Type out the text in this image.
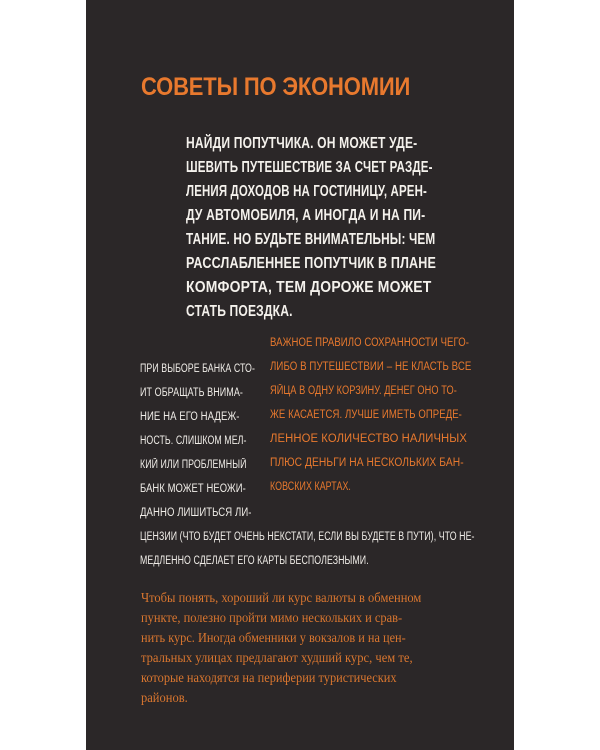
СОВЕТЫ ПО ЭКОНОМИИ
НАЙДИ ПОПУТЧИКА. ОН МОЖЕТ УДЕ-
ШЕВИТЬ ПУТЕШЕСТВИЕ ЗА СЧЕТ РАЗДЕ-
ЛЕНИЯ ДОХОДОВ НА ГОСТИНИЦУ, АРЕН-
ДУ АВТОМОБИЛЯ, А ИНОГДА И НА ПИ-
ТАНИЕ. НО БУДЬТЕ ВНИМАТЕЛЬНЫ: ЧЕМ
РАССЛАБЛЕННЕЕ ПОПУТЧИК В ПЛАНЕ
КОМФОРТА, ТЕМ ДОРОЖЕ МОЖЕТ
СТАТЬ ПОЕЗДКА.
ВАЖНОЕ ПРАВИЛО СОХРАННОСТИ ЧЕГО-
ЛИБО В ПУТЕШЕСТВИИ – НЕ КЛАСТЬ ВСЕ
ЯЙЦА В ОДНУ КОРЗИНУ. ДЕНЕГ ОНО ТО-
ЖЕ КАСАЕТСЯ. ЛУЧШЕ ИМЕТЬ ОПРЕДЕ-
ЛЕННОЕ КОЛИЧЕСТВО НАЛИЧНЫХ
ПЛЮС ДЕНЬГИ НА НЕСКОЛЬКИХ БАН-
КОВСКИХ КАРТАХ.
ПРИ ВЫБОРЕ БАНКА СТО-
ИТ ОБРАЩАТЬ ВНИМА-
НИЕ НА ЕГО НАДЕЖ-
НОСТЬ. СЛИШКОМ МЕЛ-
КИЙ ИЛИ ПРОБЛЕМНЫЙ
БАНК МОЖЕТ НЕОЖИ-
ДАННО ЛИШИТЬСЯ ЛИ-
ЦЕНЗИИ (ЧТО БУДЕТ ОЧЕНЬ НЕКСТАТИ, ЕСЛИ ВЫ БУДЕТЕ В ПУТИ), ЧТО НЕ-
МЕДЛЕННО СДЕЛАЕТ ЕГО КАРТЫ БЕСПОЛЕЗНЫМИ.
Чтобы понять, хороший ли курс валюты в обменном
пункте, полезно пройти мимо нескольких и срав-
нить курс. Иногда обменники у вокзалов и на цен-
тральных улицах предлагают худший курс, чем те,
которые находятся на периферии туристических
районов.
